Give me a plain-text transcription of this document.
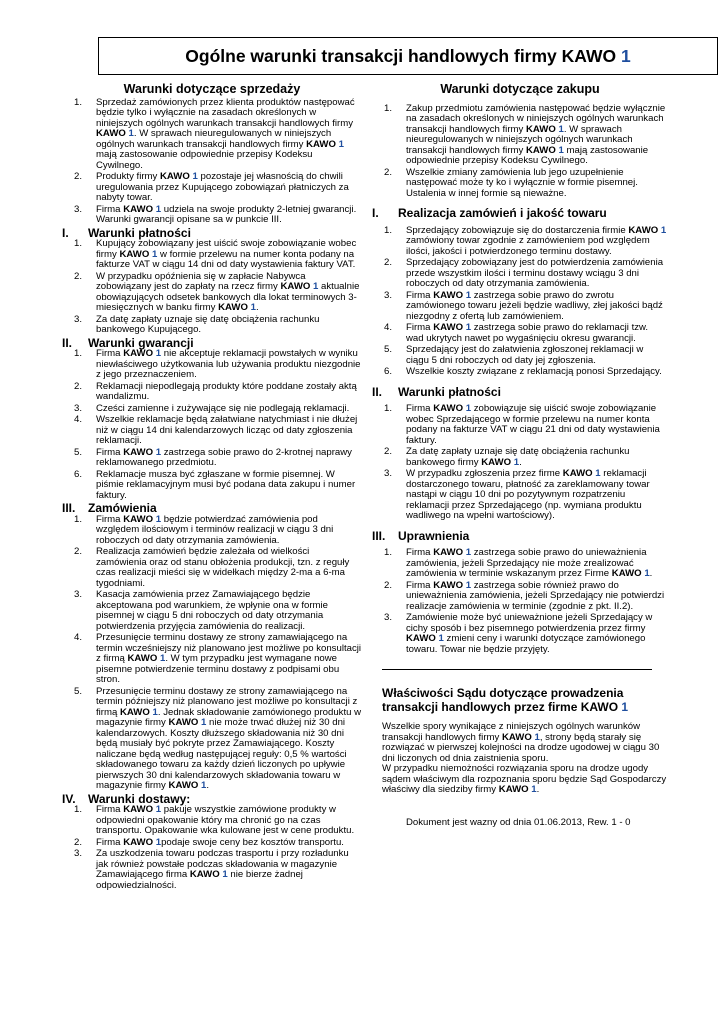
Ogólne warunki transakcji handlowych firmy KAWO 1
Warunki dotyczące sprzedaży
1.	Sprzedaż zamówionych przez klienta produktów następować będzie tylko i wyłącznie na zasadach określonych w niniejszych ogólnych warunkach transakcji handlowych firmy KAWO 1. W sprawach nieuregulowanych w niniejszych ogólnych warunkach transakcji handlowych firmy KAWO 1 mają zastosowanie odpowiednie przepisy Kodeksu Cywilnego.
2.	Produkty firmy KAWO 1 pozostaje jej własnością do chwili uregulowania przez Kupującego zobowiązań płatniczych za nabyty towar.
3.	Firma KAWO 1 udziela na swoje produkty 2-letniej gwarancji. Warunki gwarancji opisane sa w punkcie III.
I.	Warunki płatności
1.	Kupujący zobowiązany jest uiścić swoje zobowiązanie wobec firmy KAWO 1 w formie przelewu na numer konta podany na fakturze VAT w ciągu 14 dni od daty wystawienia faktury VAT.
2.	W przypadku opóźnienia się w zapłacie Nabywca zobowiązany jest do zapłaty na rzecz firmy KAWO 1 aktualnie obowiązujących odsetek bankowych dla lokat terminowych 3-miesięcznych w banku firmy KAWO 1.
3.	Za datę zapłaty uznaje się datę obciążenia rachunku bankowego Kupującego.
II.	Warunki gwarancji
1.	Firma KAWO 1 nie akceptuje reklamacji powstałych w wyniku niewłaściwego użytkowania lub używania produktu niezgodnie z jego przeznaczeniem.
2.	Reklamacji niepodlegają produkty które poddane zostały aktą wandalizmu.
3.	Cześci zamienne i zużywające się nie podlegają reklamacji.
4.	Wszelkie reklamacje będą załatwiane natychmiast i nie dłużej niż w ciągu 14 dni kalendarzowych licząc od daty zgłoszenia reklamacji.
5.	Firma KAWO 1 zastrzega sobie prawo do 2-krotnej naprawy reklamowanego przedmiotu.
6.	Reklamacje musza być zgłaszane w formie pisemnej. W piśmie reklamacyjnym musi być podana data zakupu i numer faktury.
III.	Zamówienia
1.	Firma KAWO 1 będzie potwierdzać zamówienia pod względem ilościowym i terminów realizacji w ciągu 3 dni roboczych od daty otrzymania zamówienia.
2.	Realizacja zamówień będzie zależała od wielkości zamówienia oraz od stanu obłożenia produkcji, tzn. z reguły czas realizacji mieści się w widełkach między 2-ma a 6-ma tygodniami.
3.	Kasacja zamówienia przez Zamawiającego będzie akceptowana pod warunkiem, że wpłynie ona w formie pisemnej w ciągu 5 dni roboczych od daty otrzymania potwierdzenia przyjęcia zamówienia do realizacji.
4.	Przesunięcie terminu dostawy ze strony zamawiającego na termin wcześniejszy niż planowano jest możliwe po konsultacji z firmą KAWO 1. W tym przypadku jest wymagane nowe pisemne potwierdzenie terminu dostawy z podpisami obu stron.
5.	Przesunięcie terminu dostawy ze strony zamawiającego na termin późniejszy niż planowano jest możliwe po konsultacji z firmą KAWO 1. Jednak składowanie zamówionego produktu w magazynie firmy KAWO 1 nie może trwać dłużej niż 30 dni kalendarzowych. Koszty dłuższego składowania niż 30 dni będą musiały być pokryte przez Zamawiającego. Koszty naliczane będą według następującej reguły: 0,5 % wartości składowanego towaru za każdy dzień liczonych po upływie pierwszych 30 dni kalendarzowych składowania towaru w magazynie firmy KAWO 1.
IV.	Warunki dostawy:
1.	Firma KAWO 1 pakuje wszystkie zamówione produkty w odpowiedni opakowanie który ma chronić go na czas transportu. Opakowanie wka kulowane jest w cene produktu.
2.	Firma KAWO 1podaje swoje ceny bez kosztów transportu.
3.	Za uszkodzenia towaru podczas trasportu i przy rozładunku jak również powstałe podczas składowania w magazynie Zamawiającego firma KAWO 1 nie bierze żadnej odpowiedzialności.
Warunki dotyczące zakupu
1.	Zakup przedmiotu zamówienia następować będzie wyłącznie na zasadach określonych w niniejszych ogólnych warunkach transakcji handlowych firmy KAWO 1. W sprawach nieuregulowanych w niniejszych ogólnych warunkach transakcji handlowych firmy KAWO 1 mają zastosowanie odpowiednie przepisy Kodeksu Cywilnego.
2.	Wszelkie zmiany zamówienia lub jego uzupełnienie następować może ty ko i wyłącznie w formie pisemnej. Ustalenia w innej formie są nieważne.
I.	Realizacja zamówień i jakość towaru
1.	Sprzedający zobowiązuje się do dostarczenia firmie KAWO 1 zamówiony towar zgodnie z zamówieniem pod względem ilości, jakości i potwierdzonego terminu dostawy.
2.	Sprzedający zobowiązany jest do potwierdzenia zamówienia przede wszystkim ilości i terminu dostawy wciągu 3 dni roboczych od daty otrzymania zamówienia.
3.	Firma KAWO 1 zastrzega sobie prawo do zwrotu zamówionego towaru jeżeli będzie wadliwy, złej jakości bądź niezgodny z ofertą lub zamówieniem.
4.	Firma KAWO 1 zastrzega sobie prawo do reklamacji tzw. wad ukrytych nawet po wygaśnięciu okresu gwarancji.
5.	Sprzedający jest do załatwienia zgłoszonej reklamacji w ciągu 5 dni roboczych od daty jej zgłoszenia.
6.	Wszelkie koszty związane z reklamacją ponosi Sprzedający.
II.	Warunki płatności
1.	Firma KAWO 1 zobowiązuje się uiścić swoje zobowiązanie wobec Sprzedającego w formie przelewu na numer konta podany na fakturze VAT w ciągu 21 dni od daty wystawienia faktury.
2.	Za datę zapłaty uznaje się datę obciążenia rachunku bankowego firmy KAWO 1.
3.	W przypadku zgłoszenia przez firme KAWO 1 reklamacji dostarczonego towaru, płatność za zareklamowany towar nastąpi w ciągu 10 dni po pozytywnym rozpatrzeniu reklamacji przez Sprzedającego (np. wymiana produktu wadliwego na wpełni wartościowy).
III.	Uprawnienia
1.	Firma KAWO 1 zastrzega sobie prawo do unieważnienia zamówienia, jeżeli Sprzedający nie może zrealizować zamówienia w terminie wskazanym przez Firme KAWO 1.
2.	Firma KAWO 1 zastrzega sobie również prawo do unieważnienia zamówienia, jeżeli Sprzedający nie potwierdzi realizacje zamówienia w terminie (zgodnie z pkt. II.2).
3.	Zamówienie może być unieważnione jeżeli Sprzedający w cichy sposób i bez pisemnego potwierdzenia przez firmy KAWO 1 zmieni ceny i warunki dotyczące zamówionego towaru. Towar nie będzie przyjęty.
Właściwości Sądu dotyczące prowadzenia
transakcji handlowych przez firme KAWO 1
Wszelkie spory wynikające z niniejszych ogólnych warunków transakcji handlowych firmy KAWO 1, strony będą starały się rozwiązać w pierwszej kolejności na drodze ugodowej w ciągu 30 dni liczonych od dnia zaistnienia sporu.
W przypadku niemożności rozwiązania sporu na drodze ugody sądem właściwym dla rozpoznania sporu będzie Sąd Gospodarczy właściwy dla siedziby firmy KAWO 1.
Dokument jest wazny od dnia 01.06.2013, Rew. 1 - 0
